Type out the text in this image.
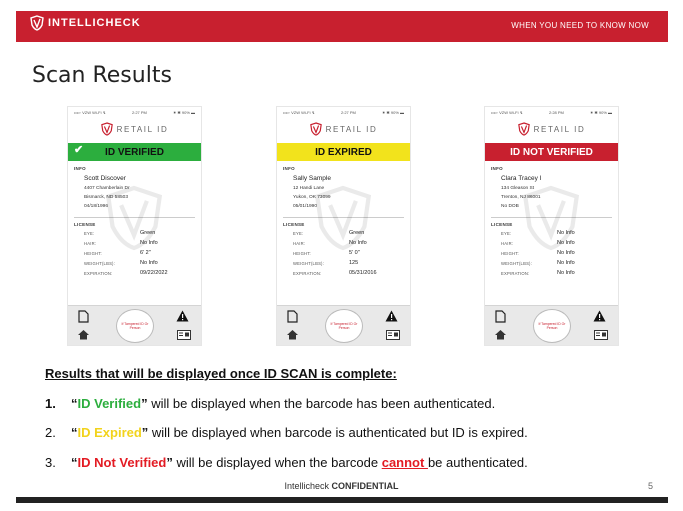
INTELLICHECK	WHEN YOU NEED TO KNOW NOW
Scan Results
••••◦ VZW Wi-Fi ↯	2:27 PM	✷ ✱ 90% ▬
RETAIL ID
✔ ID VERIFIED
INFO
Scott Discover
4407 Chamberlain Dr
Bismarck, ND 58503
04/18/1996
LICENSE
EYE:	Green
HAIR:	No Info
HEIGHT:	6' 2"
WEIGHT(LBS):	No Info
EXPIRATION:	09/22/2022
If Tampered ID Or Person
••••◦ VZW Wi-Fi ↯	2:27 PM	✷ ✱ 90% ▬
RETAIL ID
ID EXPIRED
INFO
Sally Sample
12 Handi Lane
Yukon, OK 73099
05/01/1990
LICENSE
EYE:	Green
HAIR:	No Info
HEIGHT:	5' 0"
WEIGHT(LBS):	125
EXPIRATION:	05/31/2016
If Tampered ID Or Person
••••◦ VZW Wi-Fi ↯	2:28 PM	✷ ✱ 90% ▬
RETAIL ID
ID NOT VERIFIED
INFO
Clara Tracey I
134 Gleason St
Trenton, NJ 86001
No DOB
LICENSE
EYE:	No Info
HAIR:	No Info
HEIGHT:	No Info
WEIGHT(LBS):	No Info
EXPIRATION:	No Info
If Tampered ID Or Person
Results that will be displayed once ID SCAN is complete:
1. “ID Verified” will be displayed when the barcode has been authenticated.
2. “ID Expired” will be displayed when barcode is authenticated but ID is expired.
3. “ID Not Verified” will be displayed when the barcode cannot be authenticated.
Intellicheck CONFIDENTIAL	5
